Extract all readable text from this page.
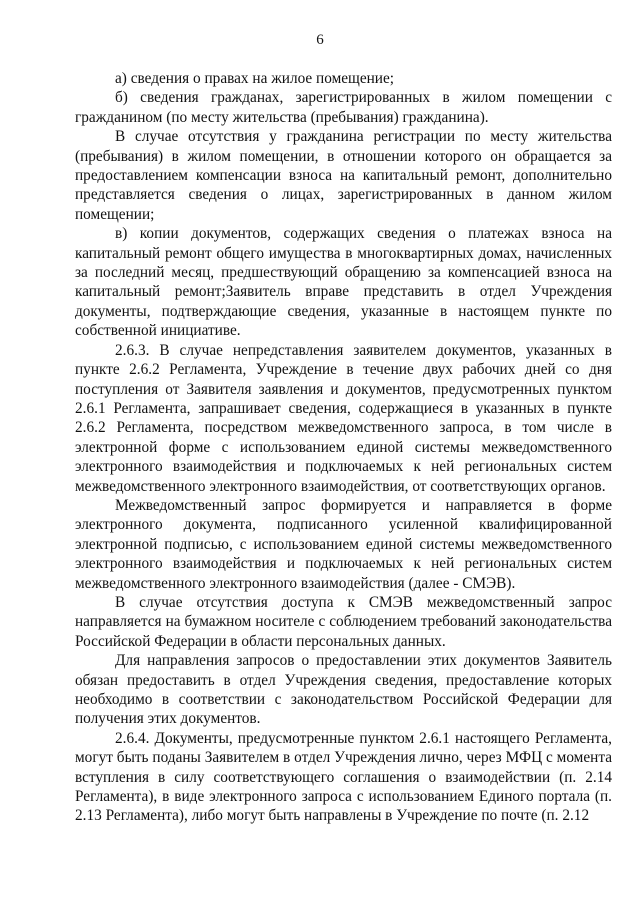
6

а) сведения о правах на жилое помещение;

б) сведения гражданах, зарегистрированных в жилом помещении с гражданином (по месту жительства (пребывания) гражданина).

В случае отсутствия у гражданина регистрации по месту жительства (пребывания) в жилом помещении, в отношении которого он обращается за предоставлением компенсации взноса на капитальный ремонт, дополнительно представляется сведения о лицах, зарегистрированных в данном жилом помещении;

в) копии документов, содержащих сведения о платежах взноса на капитальный ремонт общего имущества в многоквартирных домах, начисленных за последний месяц, предшествующий обращению за компенсацией взноса на капитальный ремонт;Заявитель вправе представить в отдел Учреждения документы, подтверждающие сведения, указанные в настоящем пункте по собственной инициативе.

2.6.3. В случае непредставления заявителем документов, указанных в пункте 2.6.2 Регламента, Учреждение в течение двух рабочих дней со дня поступления от Заявителя заявления и документов, предусмотренных пунктом 2.6.1 Регламента, запрашивает сведения, содержащиеся в указанных в пункте 2.6.2 Регламента, посредством межведомственного запроса, в том числе в электронной форме с использованием единой системы межведомственного электронного взаимодействия и подключаемых к ней региональных систем межведомственного электронного взаимодействия, от соответствующих органов.

Межведомственный запрос формируется и направляется в форме электронного документа, подписанного усиленной квалифицированной электронной подписью, с использованием единой системы межведомственного электронного взаимодействия и подключаемых к ней региональных систем межведомственного электронного взаимодействия (далее - СМЭВ).

В случае отсутствия доступа к СМЭВ межведомственный запрос направляется на бумажном носителе с соблюдением требований законодательства Российской Федерации в области персональных данных.

Для направления запросов о предоставлении этих документов Заявитель обязан предоставить в отдел Учреждения сведения, предоставление которых необходимо в соответствии с законодательством Российской Федерации для получения этих документов.

2.6.4. Документы, предусмотренные пунктом 2.6.1 настоящего Регламента, могут быть поданы Заявителем в отдел Учреждения лично, через МФЦ с момента вступления в силу соответствующего соглашения о взаимодействии (п. 2.14 Регламента), в виде электронного запроса с использованием Единого портала (п. 2.13 Регламента), либо могут быть направлены в Учреждение по почте (п. 2.12
